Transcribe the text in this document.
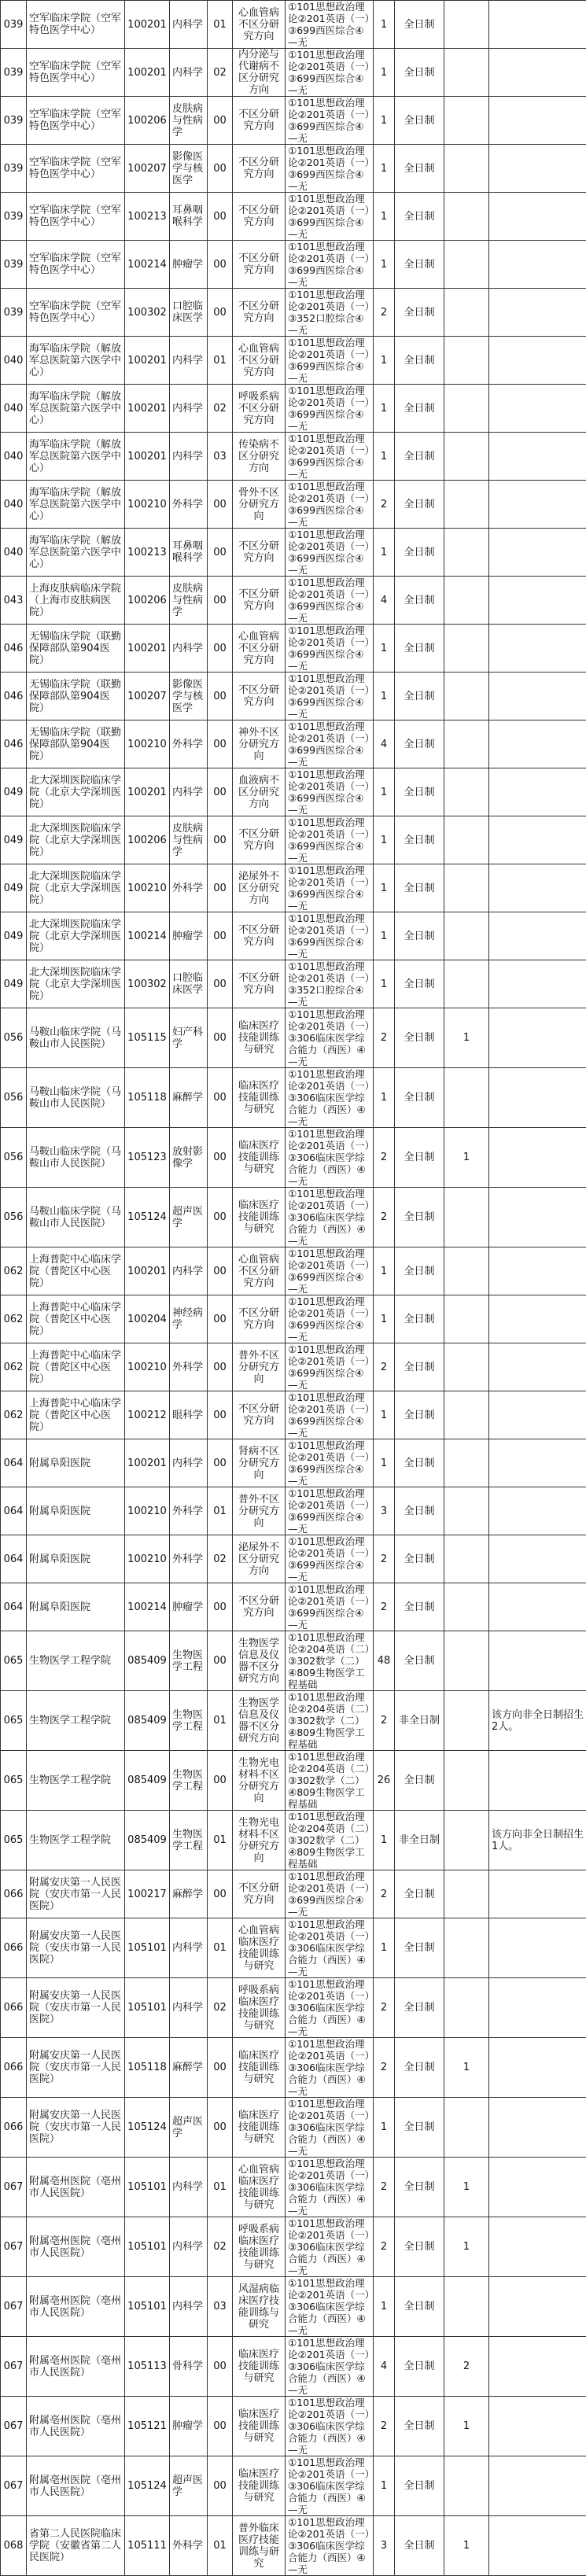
039	空军临床学院（空军特色医学中心）	100201	内科学	01	心血管病不区分研究方向	①101思想政治理论②201英语（一）③699西医综合④—无	1	全日制		
039	空军临床学院（空军特色医学中心）	100201	内科学	02	内分泌与代谢病不区分研究方向	①101思想政治理论②201英语（一）③699西医综合④—无	1	全日制		
039	空军临床学院（空军特色医学中心）	100206	皮肤病与性病学	00	不区分研究方向	①101思想政治理论②201英语（一）③699西医综合④—无	1	全日制		
039	空军临床学院（空军特色医学中心）	100207	影像医学与核医学	00	不区分研究方向	①101思想政治理论②201英语（一）③699西医综合④—无	1	全日制		
039	空军临床学院（空军特色医学中心）	100213	耳鼻咽喉科学	00	不区分研究方向	①101思想政治理论②201英语（一）③699西医综合④—无	1	全日制		
039	空军临床学院（空军特色医学中心）	100214	肿瘤学	00	不区分研究方向	①101思想政治理论②201英语（一）③699西医综合④—无	1	全日制		
039	空军临床学院（空军特色医学中心）	100302	口腔临床医学	00	不区分研究方向	①101思想政治理论②201英语（一）③352口腔综合④—无	2	全日制		
040	海军临床学院（解放军总医院第六医学中心）	100201	内科学	01	心血管病不区分研究方向	①101思想政治理论②201英语（一）③699西医综合④—无	1	全日制		
040	海军临床学院（解放军总医院第六医学中心）	100201	内科学	02	呼吸系病不区分研究方向	①101思想政治理论②201英语（一）③699西医综合④—无	1	全日制		
040	海军临床学院（解放军总医院第六医学中心）	100201	内科学	03	传染病不区分研究方向	①101思想政治理论②201英语（一）③699西医综合④—无	1	全日制		
040	海军临床学院（解放军总医院第六医学中心）	100210	外科学	00	骨外不区分研究方向	①101思想政治理论②201英语（一）③699西医综合④—无	2	全日制		
040	海军临床学院（解放军总医院第六医学中心）	100213	耳鼻咽喉科学	00	不区分研究方向	①101思想政治理论②201英语（一）③699西医综合④—无	1	全日制		
043	上海皮肤病临床学院（上海市皮肤病医院）	100206	皮肤病与性病学	00	不区分研究方向	①101思想政治理论②201英语（一）③699西医综合④—无	4	全日制		
046	无锡临床学院（联勤保障部队第904医院）	100201	内科学	00	心血管病不区分研究方向	①101思想政治理论②201英语（一）③699西医综合④—无	1	全日制		
046	无锡临床学院（联勤保障部队第904医院）	100207	影像医学与核医学	00	不区分研究方向	①101思想政治理论②201英语（一）③699西医综合④—无	1	全日制		
046	无锡临床学院（联勤保障部队第904医院）	100210	外科学	00	神外不区分研究方向	①101思想政治理论②201英语（一）③699西医综合④—无	4	全日制		
049	北大深圳医院临床学院（北京大学深圳医院）	100201	内科学	00	血液病不区分研究方向	①101思想政治理论②201英语（一）③699西医综合④—无	1	全日制		
049	北大深圳医院临床学院（北京大学深圳医院）	100206	皮肤病与性病学	00	不区分研究方向	①101思想政治理论②201英语（一）③699西医综合④—无	1	全日制		
049	北大深圳医院临床学院（北京大学深圳医院）	100210	外科学	00	泌尿外不区分研究方向	①101思想政治理论②201英语（一）③699西医综合④—无	1	全日制		
049	北大深圳医院临床学院（北京大学深圳医院）	100214	肿瘤学	00	不区分研究方向	①101思想政治理论②201英语（一）③699西医综合④—无	1	全日制		
049	北大深圳医院临床学院（北京大学深圳医院）	100302	口腔临床医学	00	不区分研究方向	①101思想政治理论②201英语（一）③352口腔综合④—无	1	全日制		
056	马鞍山临床学院（马鞍山市人民医院）	105115	妇产科学	00	临床医疗技能训练与研究	①101思想政治理论②201英语（一）③306临床医学综合能力（西医）④—无	2	全日制	1	
056	马鞍山临床学院（马鞍山市人民医院）	105118	麻醉学	00	临床医疗技能训练与研究	①101思想政治理论②201英语（一）③306临床医学综合能力（西医）④—无	1	全日制		
056	马鞍山临床学院（马鞍山市人民医院）	105123	放射影像学	00	临床医疗技能训练与研究	①101思想政治理论②201英语（一）③306临床医学综合能力（西医）④—无	2	全日制	1	
056	马鞍山临床学院（马鞍山市人民医院）	105124	超声医学	00	临床医疗技能训练与研究	①101思想政治理论②201英语（一）③306临床医学综合能力（西医）④—无	2	全日制		
062	上海普陀中心临床学院（普陀区中心医院）	100201	内科学	00	心血管病不区分研究方向	①101思想政治理论②201英语（一）③699西医综合④—无	1	全日制		
062	上海普陀中心临床学院（普陀区中心医院）	100204	神经病学	00	不区分研究方向	①101思想政治理论②201英语（一）③699西医综合④—无	1	全日制		
062	上海普陀中心临床学院（普陀区中心医院）	100210	外科学	00	普外不区分研究方向	①101思想政治理论②201英语（一）③699西医综合④—无	2	全日制		
062	上海普陀中心临床学院（普陀区中心医院）	100212	眼科学	00	不区分研究方向	①101思想政治理论②201英语（一）③699西医综合④—无	1	全日制		
064	附属阜阳医院	100201	内科学	00	肾病不区分研究方向	①101思想政治理论②201英语（一）③699西医综合④—无	1	全日制		
064	附属阜阳医院	100210	外科学	01	普外不区分研究方向	①101思想政治理论②201英语（一）③699西医综合④—无	3	全日制		
064	附属阜阳医院	100210	外科学	02	泌尿外不区分研究方向	①101思想政治理论②201英语（一）③699西医综合④—无	2	全日制		
064	附属阜阳医院	100214	肿瘤学	00	不区分研究方向	①101思想政治理论②201英语（一）③699西医综合④—无	2	全日制		
065	生物医学工程学院	085409	生物医学工程	00	生物医学信息及仪器不区分研究方向	①101思想政治理论②204英语（二）③302数学（二）④809生物医学工程基础	48	全日制		
065	生物医学工程学院	085409	生物医学工程	01	生物医学信息及仪器不区分研究方向	①101思想政治理论②204英语（二）③302数学（二）④809生物医学工程基础	2	非全日制		该方向非全日制招生2人。
065	生物医学工程学院	085409	生物医学工程	00	生物光电材料不区分研究方向	①101思想政治理论②204英语（二）③302数学（二）④809生物医学工程基础	26	全日制		
065	生物医学工程学院	085409	生物医学工程	01	生物光电材料不区分研究方向	①101思想政治理论②204英语（二）③302数学（二）④809生物医学工程基础	1	非全日制		该方向非全日制招生1人。
066	附属安庆第一人民医院（安庆市第一人民医院）	100217	麻醉学	00	不区分研究方向	①101思想政治理论②201英语（一）③699西医综合④—无	2	全日制		
066	附属安庆第一人民医院（安庆市第一人民医院）	105101	内科学	01	心血管病临床医疗技能训练与研究	①101思想政治理论②201英语（一）③306临床医学综合能力（西医）④—无	1	全日制		
066	附属安庆第一人民医院（安庆市第一人民医院）	105101	内科学	02	呼吸系病临床医疗技能训练与研究	①101思想政治理论②201英语（一）③306临床医学综合能力（西医）④—无	2	全日制		
066	附属安庆第一人民医院（安庆市第一人民医院）	105118	麻醉学	00	临床医疗技能训练与研究	①101思想政治理论②201英语（一）③306临床医学综合能力（西医）④—无	2	全日制	1	
066	附属安庆第一人民医院（安庆市第一人民医院）	105124	超声医学	00	临床医疗技能训练与研究	①101思想政治理论②201英语（一）③306临床医学综合能力（西医）④—无	1	全日制		
067	附属亳州医院（亳州市人民医院）	105101	内科学	01	心血管病临床医疗技能训练与研究	①101思想政治理论②201英语（一）③306临床医学综合能力（西医）④—无	2	全日制	1	
067	附属亳州医院（亳州市人民医院）	105101	内科学	02	呼吸系病临床医疗技能训练与研究	①101思想政治理论②201英语（一）③306临床医学综合能力（西医）④—无	2	全日制	1	
067	附属亳州医院（亳州市人民医院）	105101	内科学	03	风湿病临床医疗技能训练与研究	①101思想政治理论②201英语（一）③306临床医学综合能力（西医）④—无	1	全日制		
067	附属亳州医院（亳州市人民医院）	105113	骨科学	00	临床医疗技能训练与研究	①101思想政治理论②201英语（一）③306临床医学综合能力（西医）④—无	4	全日制	2	
067	附属亳州医院（亳州市人民医院）	105121	肿瘤学	00	临床医疗技能训练与研究	①101思想政治理论②201英语（一）③306临床医学综合能力（西医）④—无	2	全日制	1	
067	附属亳州医院（亳州市人民医院）	105124	超声医学	00	临床医疗技能训练与研究	①101思想政治理论②201英语（一）③306临床医学综合能力（西医）④—无	1	全日制		
068	省第二人民医院临床学院（安徽省第二人民医院）	105111	外科学	01	普外临床医疗技能训练与研究	①101思想政治理论②201英语（一）③306临床医学综合能力（西医）④—无	3	全日制	1	
